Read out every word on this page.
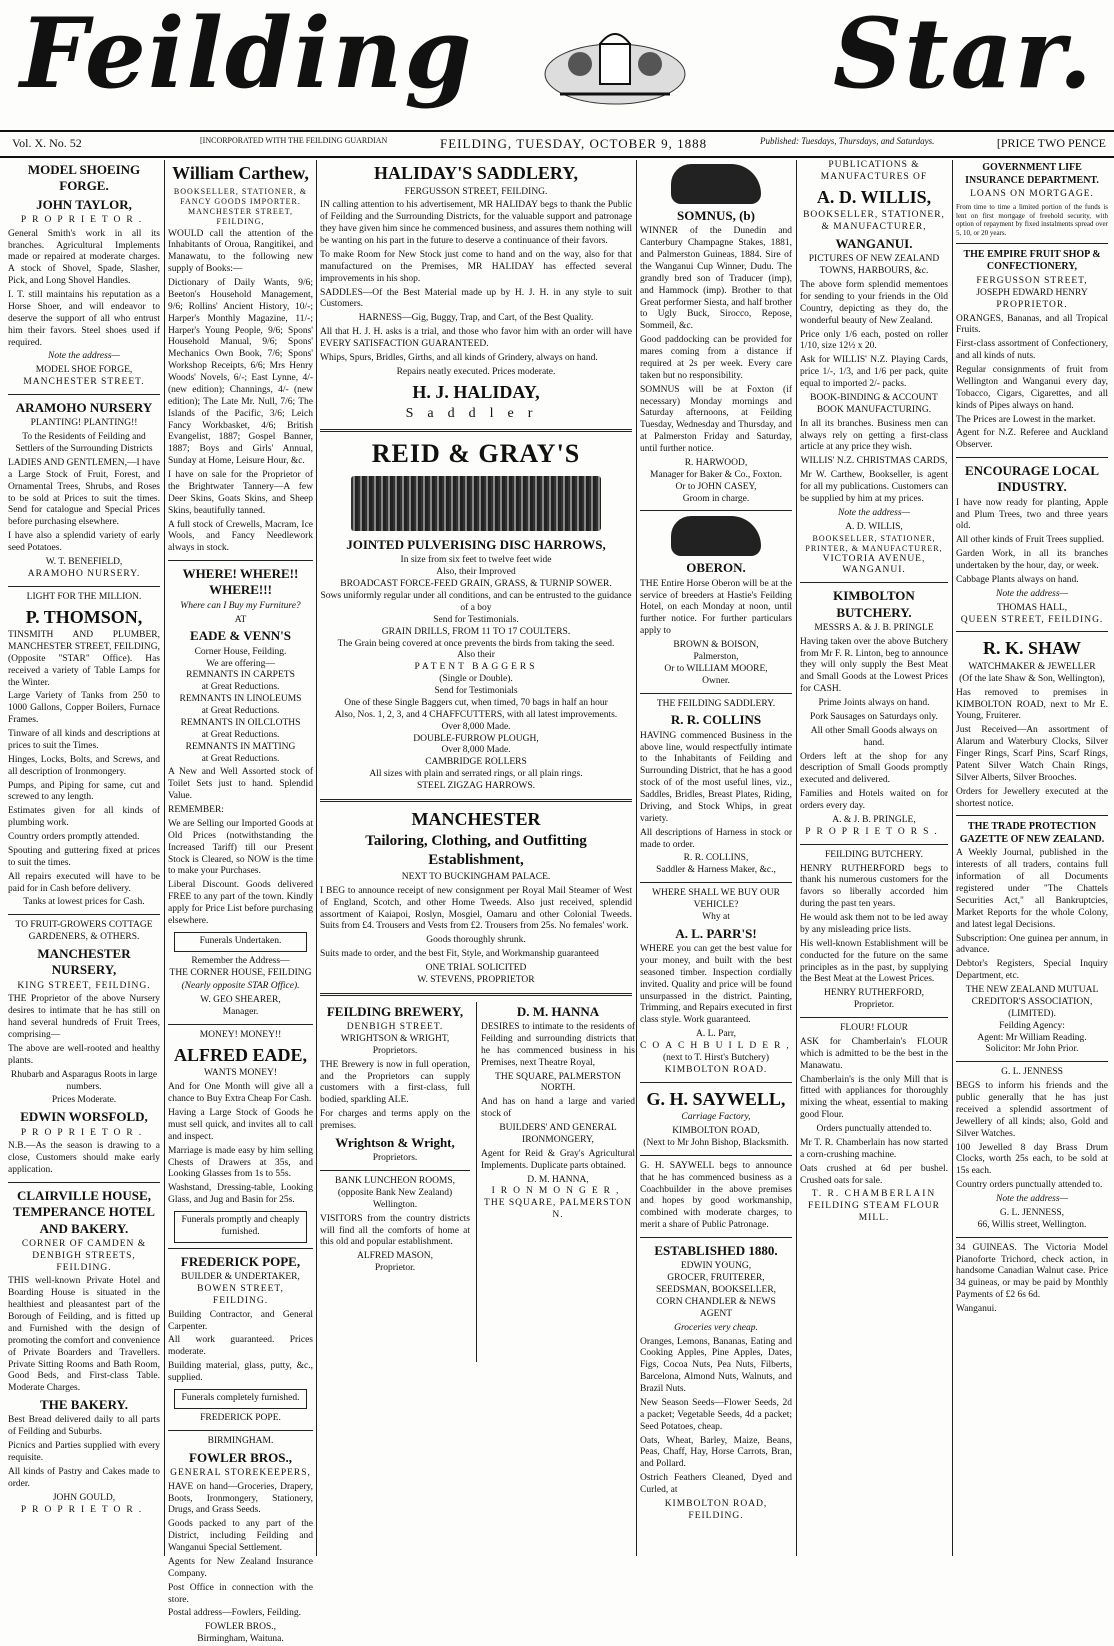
Feilding	Star.
Vol. X. No. 52	[INCORPORATED WITH THE FEILDING GUARDIAN	FEILDING, TUESDAY, OCTOBER 9, 1888	Published: Tuesdays, Thursdays, and Saturdays.	[PRICE TWO PENCE
MODEL SHOEING FORGE.
JOHN TAYLOR,
PROPRIETOR.

General Smith's work in all its branches. Agricultural Implements made or repaired at moderate charges. A stock of Shovel, Spade, Slasher, Pick, and Long Shovel Handles.

I. T. still maintains his reputation as a Horse Shoer, and will endeavor to deserve the support of all who entrust him their favors. Steel shoes used if required.

Note the address—
MODEL SHOE FORGE,
MANCHESTER STREET.
ARAMOHO NURSERY
PLANTING! PLANTING!!

To the Residents of Feilding and Settlers of the Surrounding Districts

LADIES AND GENTLEMEN,—I have a Large Stock of Fruit, Forest, and Ornamental Trees, Shrubs, and Roses to be sold at Prices to suit the times. Send for catalogue and Special Prices before purchasing elsewhere.

I have also a splendid variety of early seed Potatoes.

W. T. BENEFIELD,
ARAMOHO NURSERY.
LIGHT FOR THE MILLION.
P. THOMSON,

TINSMITH AND PLUMBER, MANCHESTER STREET, FEILDING, (Opposite "STAR" Office). Has received a variety of Table Lamps for the Winter.

Large Variety of Tanks from 250 to 1000 Gallons, Copper Boilers, Furnace Frames.

Tinware of all kinds and descriptions at prices to suit the Times.

Hinges, Locks, Bolts, and Screws, and all description of Ironmongery.

Pumps, and Piping for same, cut and screwed to any length.

Estimates given for all kinds of plumbing work.

Country orders promptly attended.

Spouting and guttering fixed at prices to suit the times.

All repairs executed will have to be paid for in Cash before delivery.

Tanks at lowest prices for Cash.

TO FRUIT-GROWERS COTTAGE GARDENERS, & OTHERS.
MANCHESTER NURSERY,
KING STREET, FEILDING.

THE Proprietor of the above Nursery desires to intimate that he has still on hand several hundreds of Fruit Trees, comprising—

The above are well-rooted and healthy plants.

Rhubarb and Asparagus Roots in large numbers.

Prices Moderate.

EDWIN WORSFOLD,
PROPRIETOR.

N.B.—As the season is drawing to a close, Customers should make early application.

CLAIRVILLE HOUSE, TEMPERANCE HOTEL AND BAKERY.

CORNER OF CAMDEN & DENBIGH STREETS, FEILDING.

THIS well-known Private Hotel and Boarding House is situated in the healthiest and pleasantest part of the Borough of Feilding, and is fitted up and Furnished with the design of promoting the comfort and convenience of Private Boarders and Travellers. Private Sitting Rooms and Bath Room, Good Beds, and First-class Table. Moderate Charges.

THE BAKERY.

Best Bread delivered daily to all parts of Feilding and Suburbs.

Picnics and Parties supplied with every requisite.

All kinds of Pastry and Cakes made to order.

JOHN GOULD,
PROPRIETOR.
William Carthew,
BOOKSELLER, STATIONER, & FANCY GOODS IMPORTER.
MANCHESTER STREET, FEILDING,

WOULD call the attention of the Inhabitants of Oroua, Rangitikei, and Manawatu, to the following new supply of Books:—

Dictionary of Daily Wants, 9/6; Beeton's Household Management, 9/6; Rollins' Ancient History, 10/-; Harper's Monthly Magazine, 11/-; Harper's Young People, 9/6; Spons' Household Manual, 9/6; Spons' Mechanics Own Book, 7/6; Spons' Workshop Receipts, 6/6; Mrs Henry Woods' Novels, 6/-; East Lynne, 4/- (new edition); Channings, 4/- (new edition); The Late Mr. Null, 7/6; The Islands of the Pacific, 3/6; Leich Fancy Workbasket, 4/6; British Evangelist, 1887; Gospel Banner, 1887; Boys and Girls' Annual, Sunday at Home, Leisure Hour, &c.

I have on sale for the Proprietor of the Brightwater Tannery—A few Deer Skins, Goats Skins, and Sheep Skins, beautifully tanned.

A full stock of Crewells, Macram, Ice Wools, and Fancy Needlework always in stock.

WHERE! WHERE!! WHERE!!!
Where can I Buy my Furniture?
AT
EADE & VENN'S
Corner House, Feilding.
We are offering—
REMNANTS IN CARPETS
at Great Reductions.
REMNANTS IN LINOLEUMS
at Great Reductions.
REMNANTS IN OILCLOTHS
at Great Reductions.
REMNANTS IN MATTING
at Great Reductions.

A New and Well Assorted stock of Toilet Sets just to hand. Splendid Value.

REMEMBER:

We are Selling our Imported Goods at Old Prices (notwithstanding the Increased Tariff) till our Present Stock is Cleared, so NOW is the time to make your Purchases.

Liberal Discount. Goods delivered FREE to any part of the town. Kindly apply for Price List before purchasing elsewhere.

Funerals Undertaken.
Remember the Address—
THE CORNER HOUSE, FEILDING
(Nearly opposite STAR Office).
W. GEO SHEARER,
Manager.
MONEY! MONEY!!
ALFRED EADE,
WANTS MONEY!

And for One Month will give all a chance to Buy Extra Cheap For Cash.

Having a Large Stock of Goods he must sell quick, and invites all to call and inspect.

Marriage is made easy by him selling Chests of Drawers at 35s, and Looking Glasses from 1s to 55s.

Washstand, Dressing-table, Looking Glass, and Jug and Basin for 25s.

Funerals promptly and cheaply furnished.
FREDERICK POPE,
BUILDER & UNDERTAKER,
BOWEN STREET, FEILDING.

Building Contractor, and General Carpenter.

All work guaranteed. Prices moderate.

Building material, glass, putty, &c., supplied.

Funerals completely furnished.
FREDERICK POPE.
BIRMINGHAM.
FOWLER BROS.,
GENERAL STOREKEEPERS,

HAVE on hand—Groceries, Drapery, Boots, Ironmongery, Stationery, Drugs, and Grass Seeds.

Goods packed to any part of the District, including Feilding and Wanganui Special Settlement.

Agents for New Zealand Insurance Company.

Post Office in connection with the store.

Postal address—Fowlers, Feilding.

FOWLER BROS.,
Birmingham, Waituna.
HALIDAY'S SADDLERY,
FERGUSSON STREET, FEILDING.

IN calling attention to his advertisement, MR HALIDAY begs to thank the Public of Feilding and the Surrounding Districts, for the valuable support and patronage they have given him since he commenced business, and assures them nothing will be wanting on his part in the future to deserve a continuance of their favors.

To make Room for New Stock just come to hand and on the way, also for that manufactured on the Premises, MR HALIDAY has effected several improvements in his shop.

SADDLES—Of the Best Material made up by H. J. H. in any style to suit Customers.

HARNESS—Gig, Buggy, Trap, and Cart, of the Best Quality.

All that H. J. H. asks is a trial, and those who favor him with an order will have EVERY SATISFACTION GUARANTEED.

Whips, Spurs, Bridles, Girths, and all kinds of Grindery, always on hand.

Repairs neatly executed. Prices moderate.

H. J. HALIDAY,
Saddler
REID & GRAY'S
JOINTED PULVERISING DISC HARROWS,
In size from six feet to twelve feet wide
Also, their Improved
BROADCAST FORCE-FEED GRAIN, GRASS, & TURNIP SOWER.
Sows uniformly regular under all conditions, and can be entrusted to the guidance of a boy
Send for Testimonials.
GRAIN DRILLS, FROM 11 TO 17 COULTERS.
The Grain being covered at once prevents the birds from taking the seed.
Also their
PATENT BAGGERS
(Single or Double).
Send for Testimonials
One of these Single Baggers cut, when timed, 70 bags in half an hour
Also, Nos. 1, 2, 3, and 4 CHAFFCUTTERS, with all latest improvements.
Over 8,000 Made.
DOUBLE-FURROW PLOUGH,
Over 8,000 Made.
CAMBRIDGE ROLLERS
All sizes with plain and serrated rings, or all plain rings.
STEEL ZIGZAG HARROWS.
MANCHESTER
Tailoring, Clothing, and Outfitting Establishment,
NEXT TO BUCKINGHAM PALACE.

I BEG to announce receipt of new consignment per Royal Mail Steamer of West of England, Scotch, and other Home Tweeds. Also just received, splendid assortment of Kaiapoi, Roslyn, Mosgiel, Oamaru and other Colonial Tweeds. Suits from £4. Trousers and Vests from £2. Trousers from 25s. No females' work.

Goods thoroughly shrunk.

Suits made to order, and the best Fit, Style, and Workmanship guaranteed

ONE TRIAL SOLICITED
W. STEVENS, PROPRIETOR
FEILDING BREWERY,
DENBIGH STREET.
WRIGHTSON & WRIGHT,
Proprietors.

THE Brewery is now in full operation, and the Proprietors can supply customers with a first-class, full bodied, sparkling ALE.

For charges and terms apply on the premises.

Wrightson & Wright,
Proprietors.
BANK LUNCHEON ROOMS,
(opposite Bank New Zealand) Wellington.

VISITORS from the country districts will find all the comforts of home at this old and popular establishment.

ALFRED MASON,
Proprietor.
D. M. HANNA

DESIRES to intimate to the residents of Feilding and surrounding districts that he has commenced business in his Premises, next Theatre Royal,

THE SQUARE, PALMERSTON NORTH.

And has on hand a large and varied stock of

BUILDERS' AND GENERAL IRONMONGERY,

Agent for Reid & Gray's Agricultural Implements. Duplicate parts obtained.

D. M. HANNA,
IRONMONGER,
THE SQUARE, PALMERSTON N.
SOMNUS, (b)

WINNER of the Dunedin and Canterbury Champagne Stakes, 1881, and Palmerston Guineas, 1884. Sire of the Wanganui Cup Winner, Dudu. The grandly bred son of Traducer (imp), and Hammock (imp). Brother to that Great performer Siesta, and half brother to Ugly Buck, Sirocco, Repose, Sommeil, &c.

Good paddocking can be provided for mares coming from a distance if required at 2s per week. Every care taken but no responsibility.

SOMNUS will be at Foxton (if necessary) Monday mornings and Saturday afternoons, at Feilding Tuesday, Wednesday and Thursday, and at Palmerston Friday and Saturday, until further notice.

R. HARWOOD,
Manager for Baker & Co., Foxton.
Or to JOHN CASEY,
Groom in charge.
OBERON.

THE Entire Horse Oberon will be at the service of breeders at Hastie's Feilding Hotel, on each Monday at noon, until further notice. For further particulars apply to

BROWN & BOISON,
Palmerston,
Or to WILLIAM MOORE,
Owner.
THE FEILDING SADDLERY.
R. R. COLLINS

HAVING commenced Business in the above line, would respectfully intimate to the Inhabitants of Feilding and Surrounding District, that he has a good stock of of the most useful lines, viz., Saddles, Bridles, Breast Plates, Riding, Driving, and Stock Whips, in great variety.

All descriptions of Harness in stock or made to order.

R. R. COLLINS,
Saddler & Harness Maker, &c.,
WHERE SHALL WE BUY OUR VEHICLE?
Why at
A. L. PARR'S!

WHERE you can get the best value for your money, and built with the best seasoned timber. Inspection cordially invited. Quality and price will be found unsurpassed in the district. Painting, Trimming, and Repairs executed in first class style. Work guaranteed.

A. L. Parr,
COACHBUILDER,
(next to T. Hirst's Butchery)
KIMBOLTON ROAD.
G. H. SAYWELL,
Carriage Factory,
KIMBOLTON ROAD,
(Next to Mr John Bishop, Blacksmith.

G. H. SAYWELL begs to announce that he has commenced business as a Coachbuilder in the above premises and hopes by good workmanship, combined with moderate charges, to merit a share of Public Patronage.

ESTABLISHED 1880.
EDWIN YOUNG,
GROCER, FRUITERER, SEEDSMAN, BOOKSELLER,
CORN CHANDLER & NEWS AGENT
Groceries very cheap.

Oranges, Lemons, Bananas, Eating and Cooking Apples, Pine Apples, Dates, Figs, Cocoa Nuts, Pea Nuts, Filberts, Barcelona, Almond Nuts, Walnuts, and Brazil Nuts.

New Season Seeds—Flower Seeds, 2d a packet; Vegetable Seeds, 4d a packet; Seed Potatoes, cheap.

Oats, Wheat, Barley, Maize, Beans, Peas, Chaff, Hay, Horse Carrots, Bran, and Pollard.

Ostrich Feathers Cleaned, Dyed and Curled, at

KIMBOLTON ROAD, FEILDING.
PUBLICATIONS & MANUFACTURES OF
A. D. WILLIS,
BOOKSELLER, STATIONER, & MANUFACTURER,
WANGANUI.
PICTURES OF NEW ZEALAND TOWNS, HARBOURS, &c.

The above form splendid mementoes for sending to your friends in the Old Country, depicting as they do, the wonderful beauty of New Zealand.

Price only 1/6 each, posted on roller 1/10, size 12½ x 20.

Ask for WILLIS' N.Z. Playing Cards, price 1/-, 1/3, and 1/6 per pack, quite equal to imported 2/- packs.

BOOK-BINDING & ACCOUNT BOOK MANUFACTURING.

In all its branches. Business men can always rely on getting a first-class article at any price they wish.

WILLIS' N.Z. CHRISTMAS CARDS,

Mr W. Carthew, Bookseller, is agent for all my publications. Customers can be supplied by him at my prices.

Note the address—
A. D. WILLIS,
BOOKSELLER, STATIONER, PRINTER, & MANUFACTURER,
VICTORIA AVENUE, WANGANUI.
KIMBOLTON BUTCHERY.
MESSRS A. & J. B. PRINGLE

Having taken over the above Butchery from Mr F. R. Linton, beg to announce they will only supply the Best Meat and Small Goods at the Lowest Prices for CASH.

Prime Joints always on hand.

Pork Sausages on Saturdays only.

All other Small Goods always on hand.

Orders left at the shop for any description of Small Goods promptly executed and delivered.

Families and Hotels waited on for orders every day.

A. & J. B. PRINGLE,
PROPRIETORS.
FEILDING BUTCHERY.

HENRY RUTHERFORD begs to thank his numerous customers for the favors so liberally accorded him during the past ten years.

He would ask them not to be led away by any misleading price lists.

His well-known Establishment will be conducted for the future on the same principles as in the past, by supplying the Best Meat at the Lowest Prices.

HENRY RUTHERFORD,
Proprietor.
FLOUR! FLOUR

ASK for Chamberlain's FLOUR which is admitted to be the best in the Manawatu.

Chamberlain's is the only Mill that is fitted with appliances for thoroughly mixing the wheat, essential to making good Flour.

Orders punctually attended to.

Mr T. R. Chamberlain has now started a corn-crushing machine.

Oats crushed at 6d per bushel. Crushed oats for sale.

T. R. CHAMBERLAIN
FEILDING STEAM FLOUR MILL.
GOVERNMENT LIFE INSURANCE DEPARTMENT.
LOANS ON MORTGAGE.

From time to time a limited portion of the funds is lent on first mortgage of freehold security, with option of repayment by fixed instalments spread over 5, 10, or 20 years.

THE EMPIRE FRUIT SHOP & CONFECTIONERY,
FERGUSSON STREET,
JOSEPH EDWARD HENRY
PROPRIETOR.

ORANGES, Bananas, and all Tropical Fruits.

First-class assortment of Confectionery, and all kinds of nuts.

Regular consignments of fruit from Wellington and Wanganui every day, Tobacco, Cigars, Cigarettes, and all kinds of Pipes always on hand.

The Prices are Lowest in the market.

Agent for N.Z. Referee and Auckland Observer.

ENCOURAGE LOCAL INDUSTRY.

I have now ready for planting, Apple and Plum Trees, two and three years old.

All other kinds of Fruit Trees supplied.

Garden Work, in all its branches undertaken by the hour, day, or week.

Cabbage Plants always on hand.

Note the address—
THOMAS HALL,
QUEEN STREET, FEILDING.
R. K. SHAW
WATCHMAKER & JEWELLER
(Of the late Shaw & Son, Wellington),

Has removed to premises in KIMBOLTON ROAD, next to Mr E. Young, Fruiterer.

Just Received—An assortment of Alarum and Waterbury Clocks, Silver Finger Rings, Scarf Pins, Scarf Rings, Patent Silver Watch Chain Rings, Silver Alberts, Silver Brooches.

Orders for Jewellery executed at the shortest notice.

THE TRADE PROTECTION GAZETTE OF NEW ZEALAND.

A Weekly Journal, published in the interests of all traders, contains full information of all Documents registered under "The Chattels Securities Act," all Bankruptcies, Market Reports for the whole Colony, and latest legal Decisions.

Subscription: One guinea per annum, in advance.

Debtor's Registers, Special Inquiry Department, etc.

THE NEW ZEALAND MUTUAL CREDITOR'S ASSOCIATION, (LIMITED).
Feilding Agency:
Agent: Mr William Reading.
Solicitor: Mr John Prior.
G. L. JENNESS

BEGS to inform his friends and the public generally that he has just received a splendid assortment of Jewellery of all kinds; also, Gold and Silver Watches.

100 Jewelled 8 day Brass Drum Clocks, worth 25s each, to be sold at 15s each.

Country orders punctually attended to.

Note the address—
G. L. JENNESS,
66, Willis street, Wellington.

34 GUINEAS. The Victoria Model Pianoforte Trichord, check action, in handsome Canadian Walnut case. Price 34 guineas, or may be paid by Monthly Payments of £2 6s 6d.

Wanganui.
